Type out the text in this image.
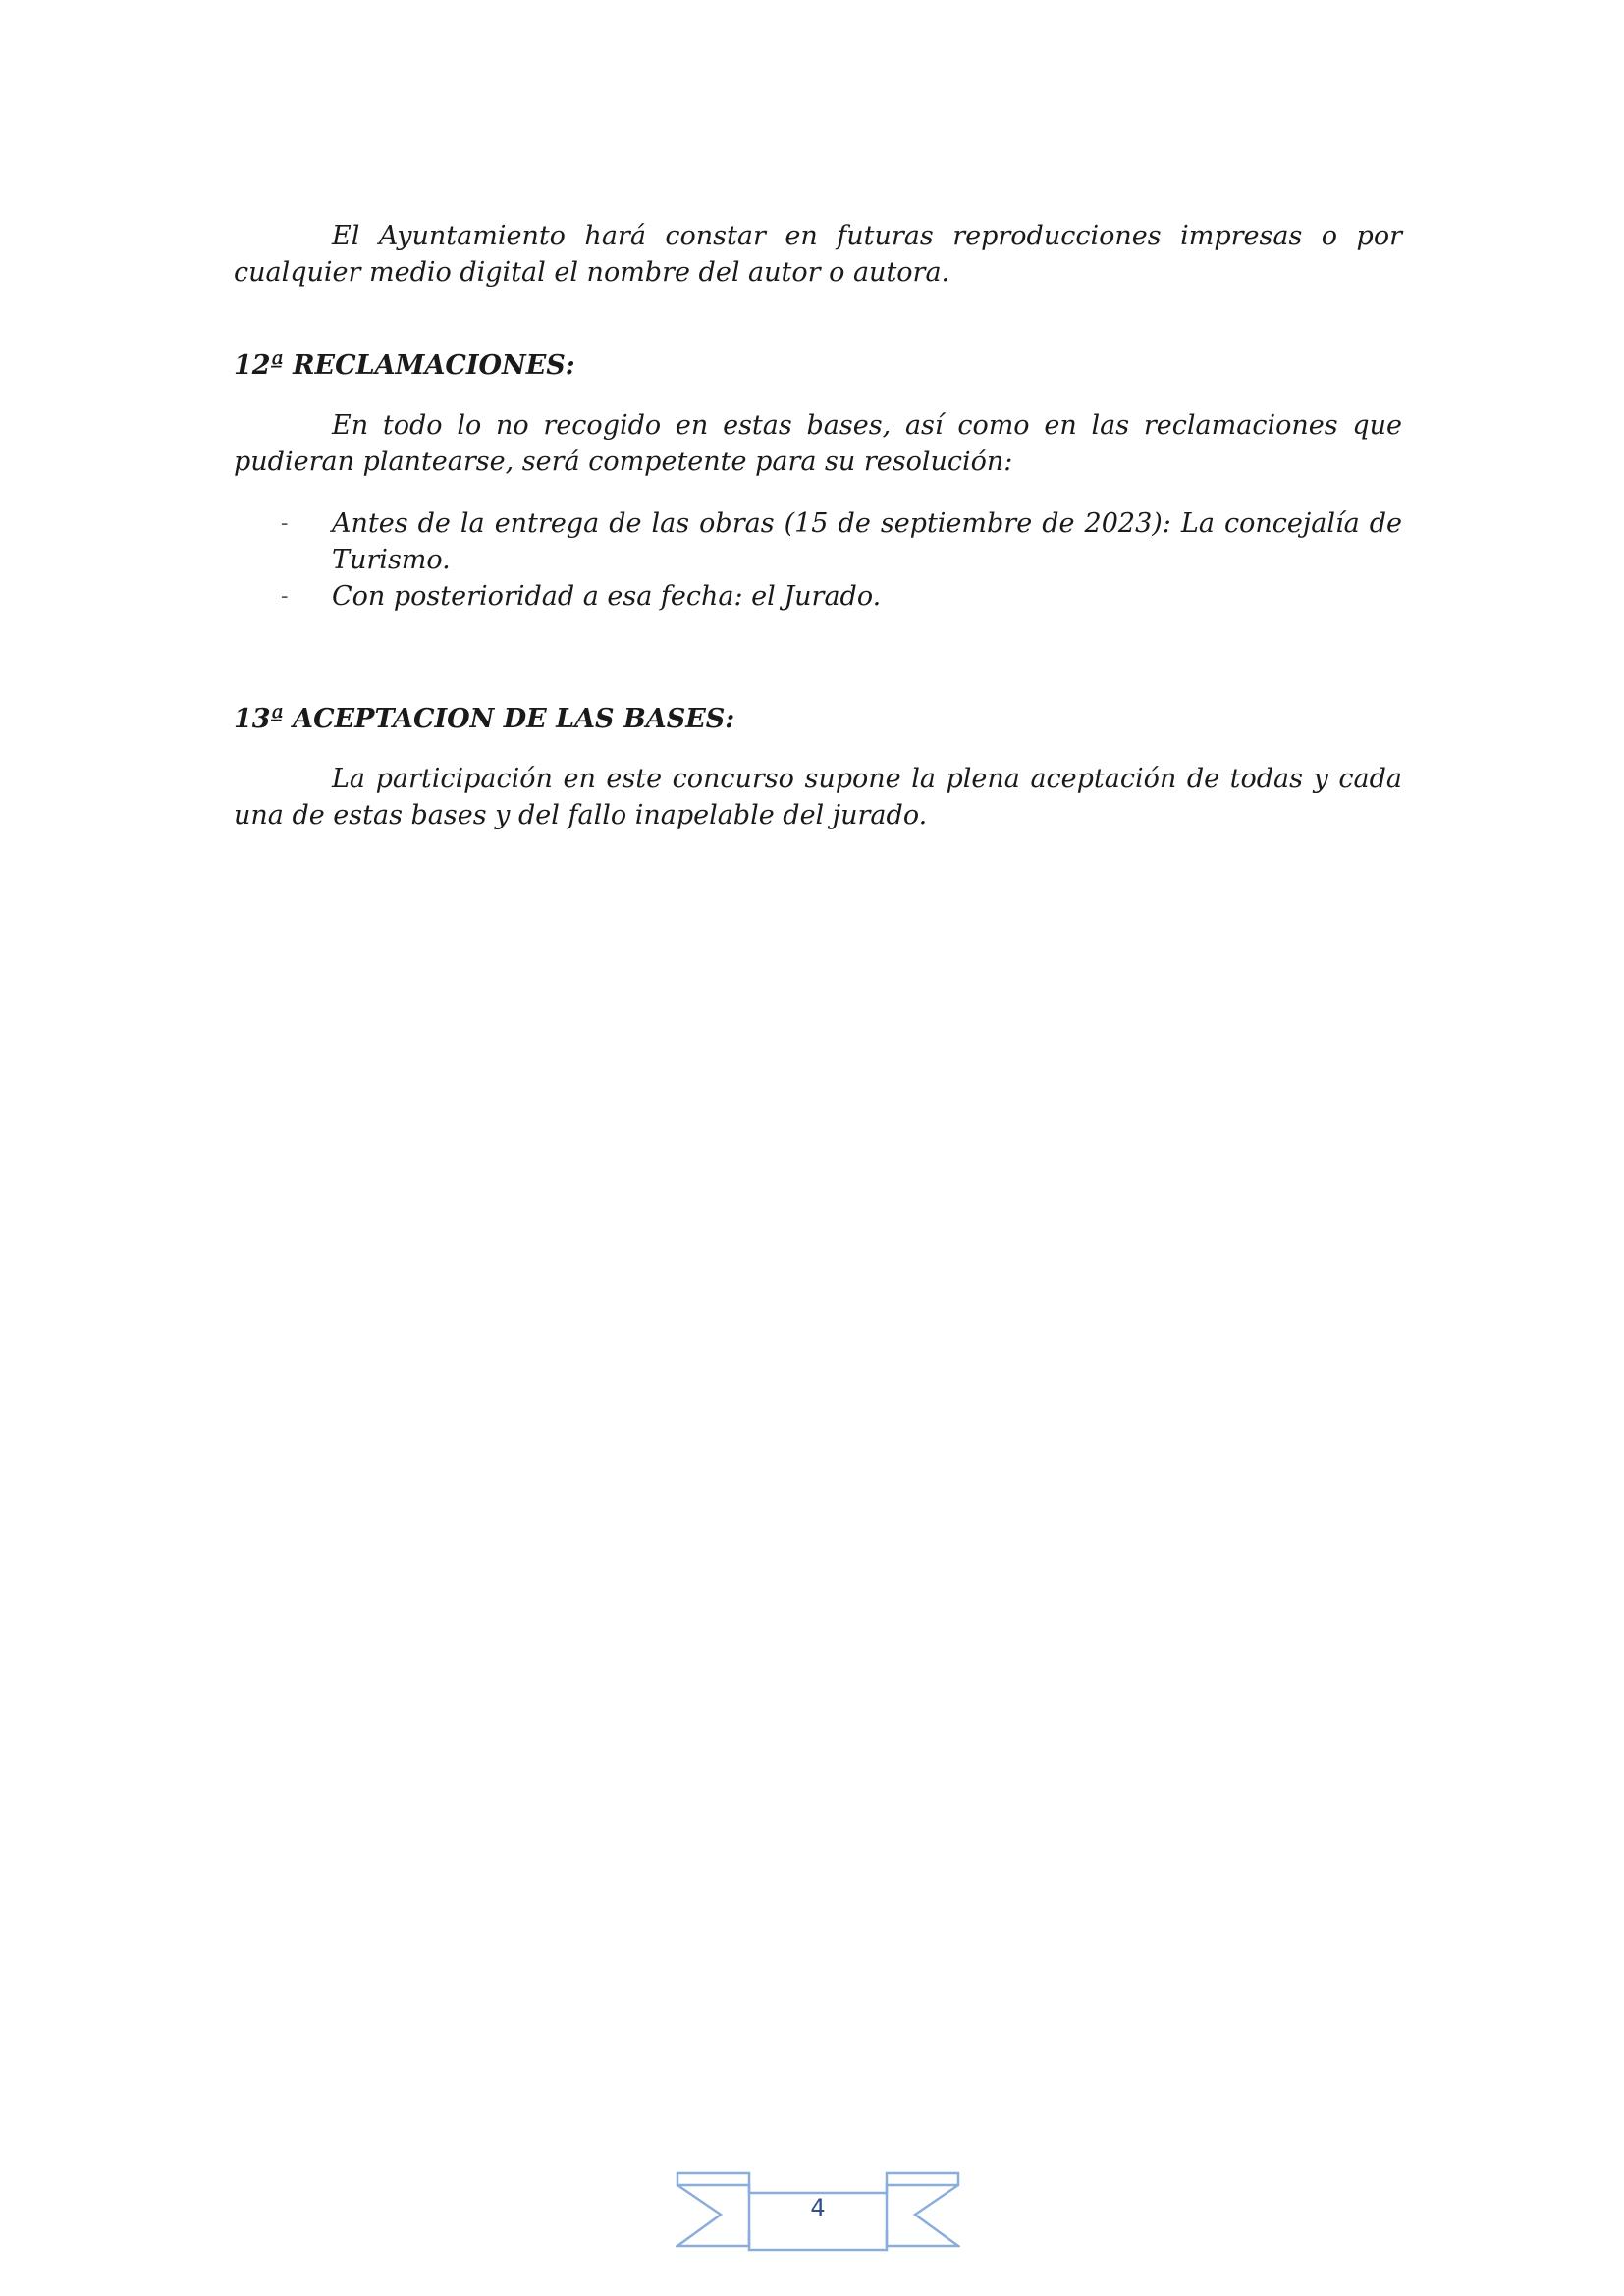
El Ayuntamiento hará constar en futuras reproducciones impresas o por cualquier medio digital el nombre del autor o autora.

12ª RECLAMACIONES:

En todo lo no recogido en estas bases, así como en las reclamaciones que pudieran plantearse, será competente para su resolución:

- Antes de la entrega de las obras (15 de septiembre de 2023): La concejalía de Turismo.
- Con posterioridad a esa fecha: el Jurado.
13ª ACEPTACION DE LAS BASES:

La participación en este concurso supone la plena aceptación de todas y cada una de estas bases y del fallo inapelable del jurado.

4
